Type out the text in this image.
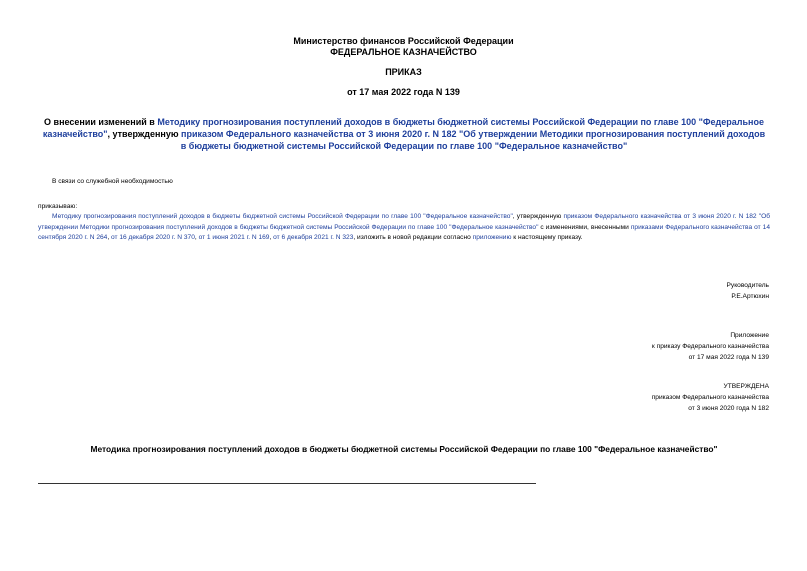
Министерство финансов Российской Федерации
ФЕДЕРАЛЬНОЕ КАЗНАЧЕЙСТВО
ПРИКАЗ
от 17 мая 2022 года N 139
О внесении изменений в Методику прогнозирования поступлений доходов в бюджеты бюджетной системы Российской Федерации по главе 100 "Федеральное казначейство", утвержденную приказом Федерального казначейства от 3 июня 2020 г. N 182 "Об утверждении Методики прогнозирования поступлений доходов в бюджеты бюджетной системы Российской Федерации по главе 100 "Федеральное казначейство"
В связи со служебной необходимостью
приказываю:
Методику прогнозирования поступлений доходов в бюджеты бюджетной системы Российской Федерации по главе 100 "Федеральное казначейство", утвержденную приказом Федерального казначейства от 3 июня 2020 г. N 182 "Об утверждении Методики прогнозирования поступлений доходов в бюджеты бюджетной системы Российской Федерации по главе 100 "Федеральное казначейство" с изменениями, внесенными приказами Федерального казначейства от 14 сентября 2020 г. N 264, от 16 декабря 2020 г. N 370, от 1 июня 2021 г. N 169, от 6 декабря 2021 г. N 323, изложить в новой редакции согласно приложению к настоящему приказу.
Руководитель
Р.Е.Артюхин
Приложение
к приказу Федерального казначейства
от 17 мая 2022 года N 139
УТВЕРЖДЕНА
приказом Федерального казначейства
от 3 июня 2020 года N 182
Методика прогнозирования поступлений доходов в бюджеты бюджетной системы Российской Федерации по главе 100 "Федеральное казначейство"
